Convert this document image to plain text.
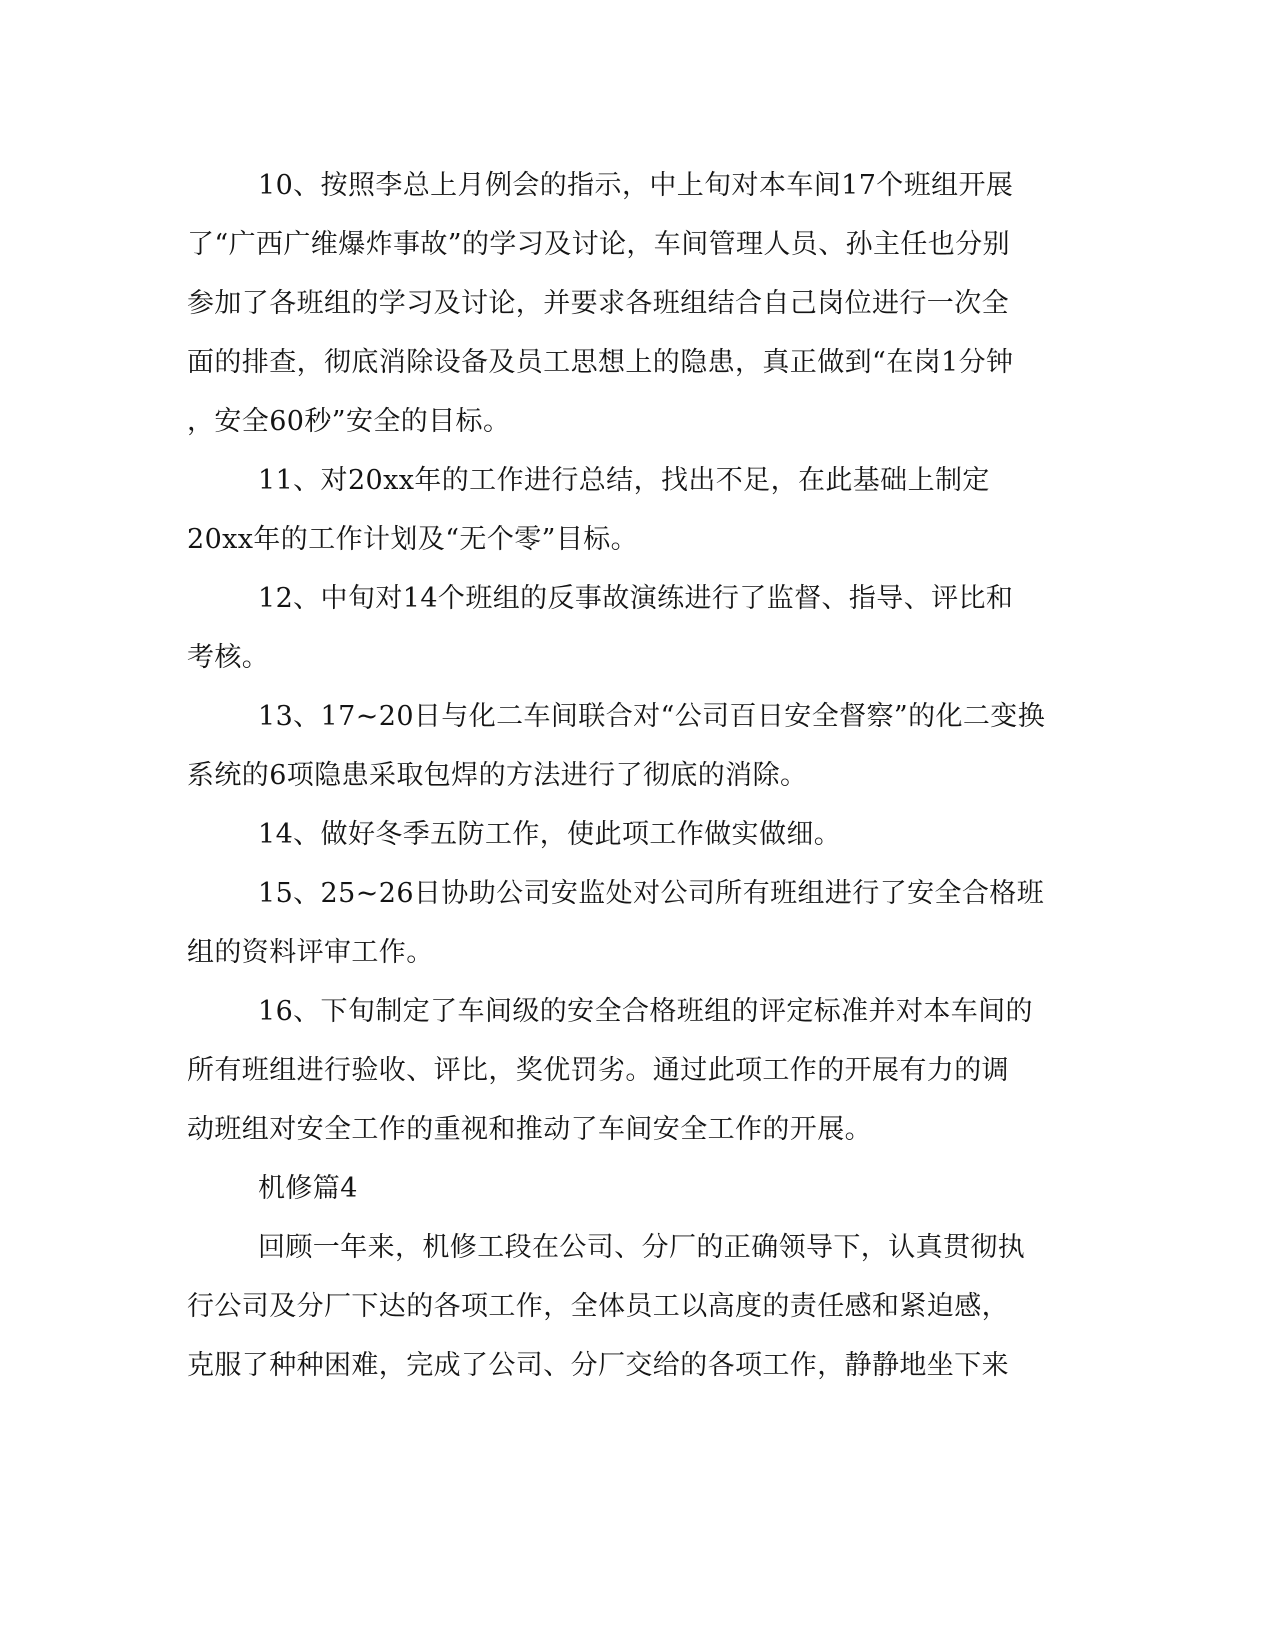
10、按照李总上月例会的指示，中上旬对本车间17个班组开展
了“广西广维爆炸事故”的学习及讨论，车间管理人员、孙主任也分别
参加了各班组的学习及讨论，并要求各班组结合自己岗位进行一次全
面的排查，彻底消除设备及员工思想上的隐患，真正做到“在岗1分钟
，安全60秒”安全的目标。
11、对20xx年的工作进行总结，找出不足，在此基础上制定
20xx年的工作计划及“无个零”目标。
12、中旬对14个班组的反事故演练进行了监督、指导、评比和
考核。
13、17~20日与化二车间联合对“公司百日安全督察”的化二变换
系统的6项隐患采取包焊的方法进行了彻底的消除。
14、做好冬季五防工作，使此项工作做实做细。
15、25~26日协助公司安监处对公司所有班组进行了安全合格班
组的资料评审工作。
16、下旬制定了车间级的安全合格班组的评定标准并对本车间的
所有班组进行验收、评比，奖优罚劣。通过此项工作的开展有力的调
动班组对安全工作的重视和推动了车间安全工作的开展。
机修篇4
回顾一年来，机修工段在公司、分厂的正确领导下，认真贯彻执
行公司及分厂下达的各项工作，全体员工以高度的责任感和紧迫感，
克服了种种困难，完成了公司、分厂交给的各项工作，静静地坐下来
